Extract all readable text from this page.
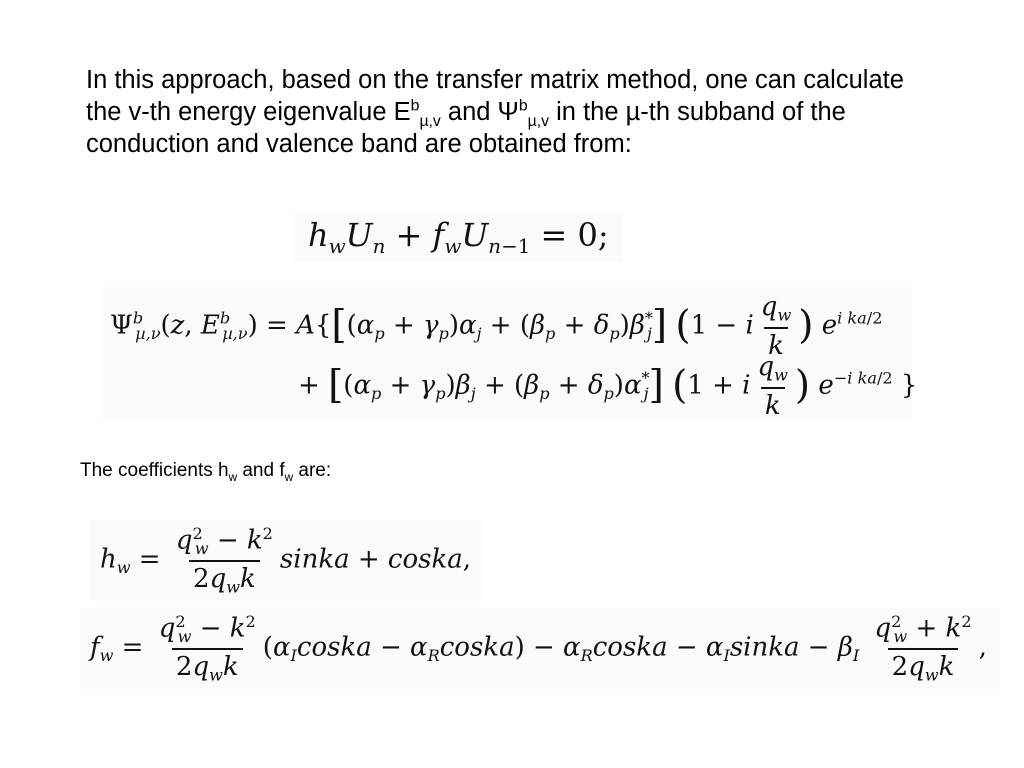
In this approach, based on the transfer matrix method, one can calculate the v-th energy eigenvalue $E^b_{\mu,v}$ and $\Psi^b_{\mu,v}$ in the µ-th subband of the conduction and valence band are obtained from:

$h_wU_n + f_wU_{n-1} = 0$;
$\Psi^b_{\mu,\nu}(z$, $E^b_{\mu,\nu}) = A\{[(\alpha_p + \gamma_p)\alpha_j + (\beta_p + \delta_p)\beta^*_j] (1 - i \frac{q_w}{k}$ ) $e^{i ka/2}$
+ $[(\alpha_p + \gamma_p)\beta_j + (\beta_p + \delta_p)\alpha^*_j] (1 + i \frac{q_w}{k}$ ) $e^{-i ka/2}$ }

The coefficients $h_w$ and $f_w$ are:

$h_w = \frac{q^2_w - k^2}{2q_wk}$ sinka + coska,
$f_w = \frac{q^2_w - k^2}{2q_wk}$ ($\alpha_Icoska$ − $\alpha_Rcoska$) − $\alpha_Rcoska$ − $\alpha_Isinka - \beta_I \frac{q^2_w + k^2}{2q_wk}$ ,
